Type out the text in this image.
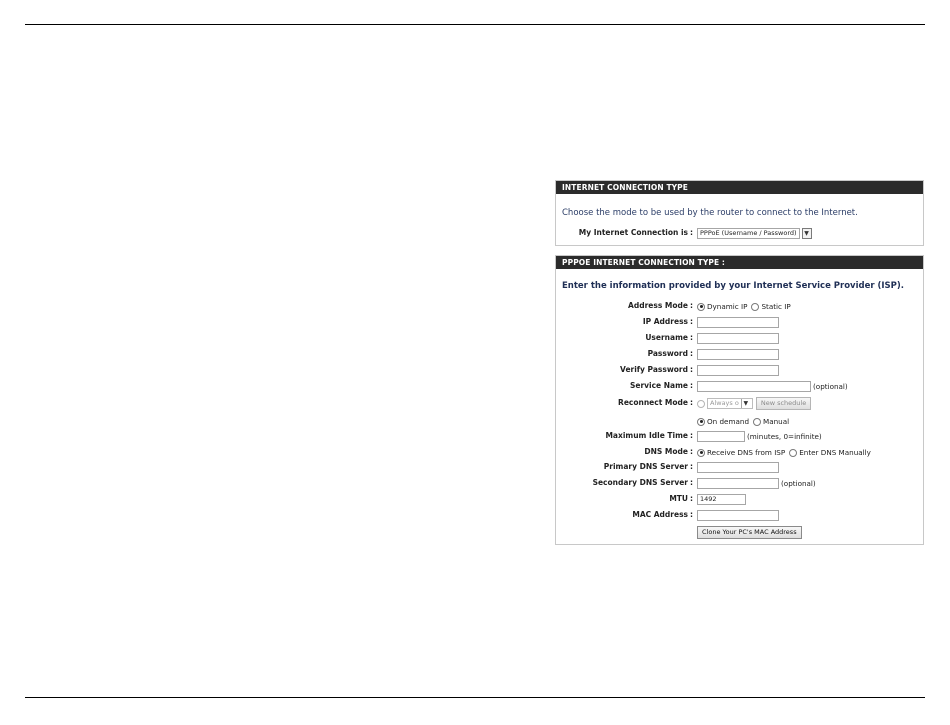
INTERNET CONNECTION TYPE
Choose the mode to be used by the router to connect to the Internet.
My Internet Connection is : PPPoE (Username / Password)	▼
PPPOE INTERNET CONNECTION TYPE :
Enter the information provided by your Internet Service Provider (ISP).
Address Mode : Dynamic IP Static IP
IP Address :
Username :
Password :
Verify Password :
Service Name :	(optional)
Reconnect Mode :	Always o ▼	New schedule
On demand Manual
Maximum Idle Time :	(minutes, 0=infinite)
DNS Mode : Receive DNS from ISP Enter DNS Manually
Primary DNS Server :
Secondary DNS Server :	(optional)
MTU :	1492
MAC Address :
Clone Your PC's MAC Address
